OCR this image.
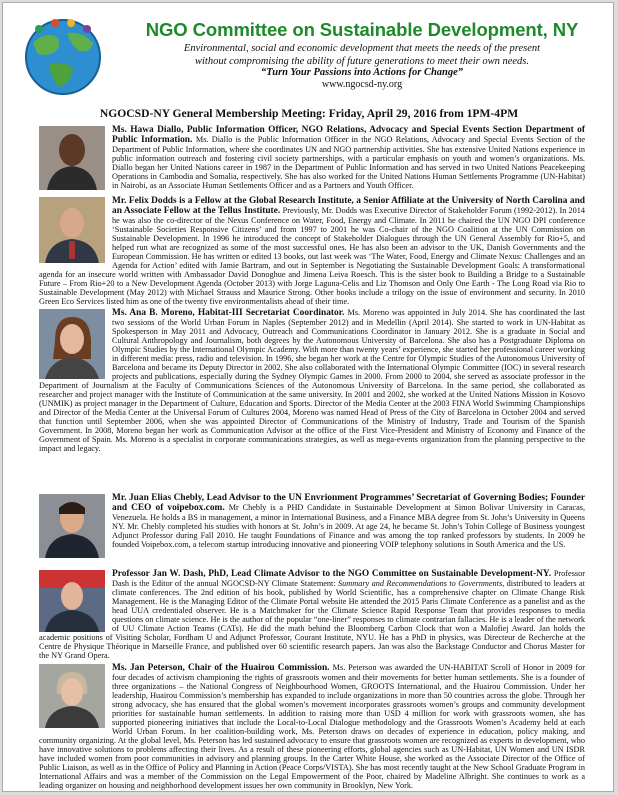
NGO Committee on Sustainable Development, NY
Environmental, social and economic development that meets the needs of the present
without compromising the ability of future generations to meet their own needs.
“Turn Your Passions into Actions for Change”
www.ngocsd-ny.org
NGOCSD-NY General Membership Meeting: Friday, April 29, 2016 from 1PM-4PM
Ms. Hawa Diallo, Public Information Officer, NGO Relations, Advocacy and Special Events Section Department of Public Information. Ms. Diallo is the Public Information Officer in the NGO Relations, Advocacy and Special Events Section of the Department of Public Information, where she coordinates UN and NGO partnership activities. She has extensive United Nations experience in public information outreach and fostering civil society partnerships, with a particular emphasis on youth and women’s organizations. Ms. Diallo began her United Nations career in 1987 in the Department of Public Information and has served in two United Nations Peacekeeping Operations in Cambodia and Somalia, respectively. She has also worked for the United Nations Human Settlements Programme (UN-Habitat) in Nairobi, as an Associate Human Settlements Officer and as a Partners and Youth Officer.
Mr. Felix Dodds is a Fellow at the Global Research Institute, a Senior Affiliate at the University of North Carolina and an Associate Fellow at the Tellus Institute. Previously, Mr. Dodds was Executive Director of Stakeholder Forum (1992-2012). In 2014 he was also the co-director of the Nexus Conference on Water, Food, Energy and Climate. In 2011 he chaired the UN NGO DPI conference ‘Sustainable Societies Responsive Citizens’ and from 1997 to 2001 he was Co-chair of the NGO Coalition at the UN Commission on Sustainable Development. In 1996 he introduced the concept of Stakeholder Dialogues through the UN General Assembly for Rio+5, and helped run what are recognized as some of the most successful ones. He has also been an advisor to the UK, Danish Governments and the European Commission. He has written or edited 13 books, out last week was ‘The Water, Food, Energy and Climate Nexus: Challenges and an Agenda for Action’ edited with Jamie Bartram, and out in September is Negotiating the Sustainable Development Goals: A transformational agenda for an insecure world written with Ambassador David Donoghue and Jimena Leiva Roesch. This is the sister book to Building a Bridge to a Sustainable Future – From Rio+20 to a New Development Agenda (October 2013) with Jorge Laguna-Celis and Liz Thomson and Only One Earth - The Long Road via Rio to Sustainable Development (May 2012) with Michael Strauss and Maurice Strong. Other books include a trilogy on the issue of environment and security. In 2010 Green Eco Services listed him as one of the twenty five environmentalists ahead of their time.
Ms. Ana B. Moreno, Habitat-III Secretariat Coordinator. Ms. Moreno was appointed in July 2014. She has coordinated the last two sessions of the World Urban Forum in Naples (September 2012) and in Medellin (April 2014). She started to work in UN-Habitat as Spokesperson in May 2011 and Advocacy, Outreach and Communications Coordinator in January 2012. She is a graduate in Social and Cultural Anthropology and Journalism, both degrees by the Autonomous University of Barcelona. She also has a Postgraduate Diploma on Olympic Studies by the International Olympic Academy. With more than twenty years’ experience, she started her professional career working in different media: press, radio and television. In 1996, she began her work at the Centre for Olympic Studies of the Autonomous University of Barcelona and became its Deputy Director in 2002. She also collaborated with the International Olympic Committee (IOC) in several research projects and publications, especially during the Sydney Olympic Games in 2000. From 2000 to 2004, she served as associate professor in the Department of Journalism at the Faculty of Communications Sciences of the Autonomous University of Barcelona. In the same period, she collaborated as researcher and project manager with the Institute of Communication at the same university. In 2001 and 2002, she worked at the United Nations Mission in Kosovo (UNMIK) as project manager in the Department of Culture, Education and Sports. Director of the Media Center at the 2003 FINA World Swimming Championships and Director of the Media Center at the Universal Forum of Cultures 2004, Moreno was named Head of Press of the City of Barcelona in October 2004 and served that function until September 2006, when she was appointed Director of Communications of the Ministry of Industry, Trade and Tourism of the Spanish Government. In 2008, Moreno began her work as Communication Advisor at the office of the First Vice-President and Ministry of Economy and Finance of the Government of Spain. Ms. Moreno is a specialist in corporate communications strategies, as well as mega-events organization from the planning perspective to the impact and legacy.
Mr. Juan Elias Chebly, Lead Advisor to the UN Envrionment Programmes’ Secretariat of Governing Bodies; Founder and CEO of voipebox.com. Mr Chebly is a PHD Candidate in Sustainable Development at Simon Bolivar University in Caracas, Venezuela. He holds a BS in management, a minor in International Business, and a Finance MBA degree from St. John’s University in Queens NY. Mr. Chebly completed his studies with honors at St. John’s in 2009. At age 24, he became St. John’s Tobin College of Business youngest Adjunct Professor during Fall 2010. He taught Foundations of Finance and was among the top ranked professors by students. In 2009 he founded Voipebox.com, a telecom startup introducing innovative and pioneering VOIP telephony solutions in South America and the US.
Professor Jan W. Dash, PhD, Lead Climate Advisor to the NGO Committee on Sustainable Development-NY. Professor Dash is the Editor of the annual NGOCSD-NY Climate Statement: Summary and Recommendations to Governments, distributed to leaders at climate conferences. The 2nd edition of his book, published by World Scientific, has a comprehensive chapter on Climate Change Risk Management. He is the Managing Editor of the Climate Portal website He attended the 2015 Paris Climate Conference as a panelist and as the head UUA credentialed observer. He is a Matchmaker for the Climate Science Rapid Response Team that provides responses to media questions on climate science. He is the author of the popular “one-liner” responses to climate contrarian fallacies. He is a leader of the network of UU Climate Action Teams (CATs). He did the math behind the Bloomberg Carbon Clock that won a Malofiej Award. Jan holds the academic positions of Visiting Scholar, Fordham U and Adjunct Professor, Courant Institute, NYU. He has a PhD in physics, was Directeur de Recherche at the Centre de Physique Théorique in Marseille France, and published over 60 scientific research papers. Jan was also the Backstage Conductor and Chorus Master for the NY Grand Opera.
Ms. Jan Peterson, Chair of the Huairou Commission. Ms. Peterson was awarded the UN-HABITAT Scroll of Honor in 2009 for four decades of activism championing the rights of grassroots women and their movements for better human settlements. She is a founder of three organizations – the National Congress of Neighbourhood Women, GROOTS International, and the Huairou Commission. Under her leadership, Huairou Commission’s membership has expanded to include organizations in more than 50 countries across the globe. Through her strong advocacy, she has ensured that the global women’s movement incorporates grassroots women’s groups and community development priorities for sustainable human settlements. In addition to raising more than USD 4 million for work with grassroots women, she has supported pioneering initiatives that include the Local-to-Local Dialogue methodology and the Grassroots Women’s Academy held at each World Urban Forum. In her coalition-building work, Ms. Peterson draws on decades of experience in education, policy making, and community organizing. At the global level, Ms. Peterson has led sustained advocacy to ensure that grassroots women are recognized as experts in development, who have innovative solutions to problems affecting their lives. As a result of these pioneering efforts, global agencies such as UN-Habitat, UN Women and UN ISDR have included women from poor communities in advisory and planning groups. In the Carter White House, she worked as the Associate Director of the Office of Public Liaison, as well as in the Office of Policy and Planning in Action (Peace Corps/VISTA). She has most recently taught at the New School Graduate Program in International Affairs and was a member of the Commission on the Legal Empowerment of the Poor, chaired by Madeline Albright. She continues to work as a leading organizer on housing and neighborhood development issues her own community in Brooklyn, New York.
